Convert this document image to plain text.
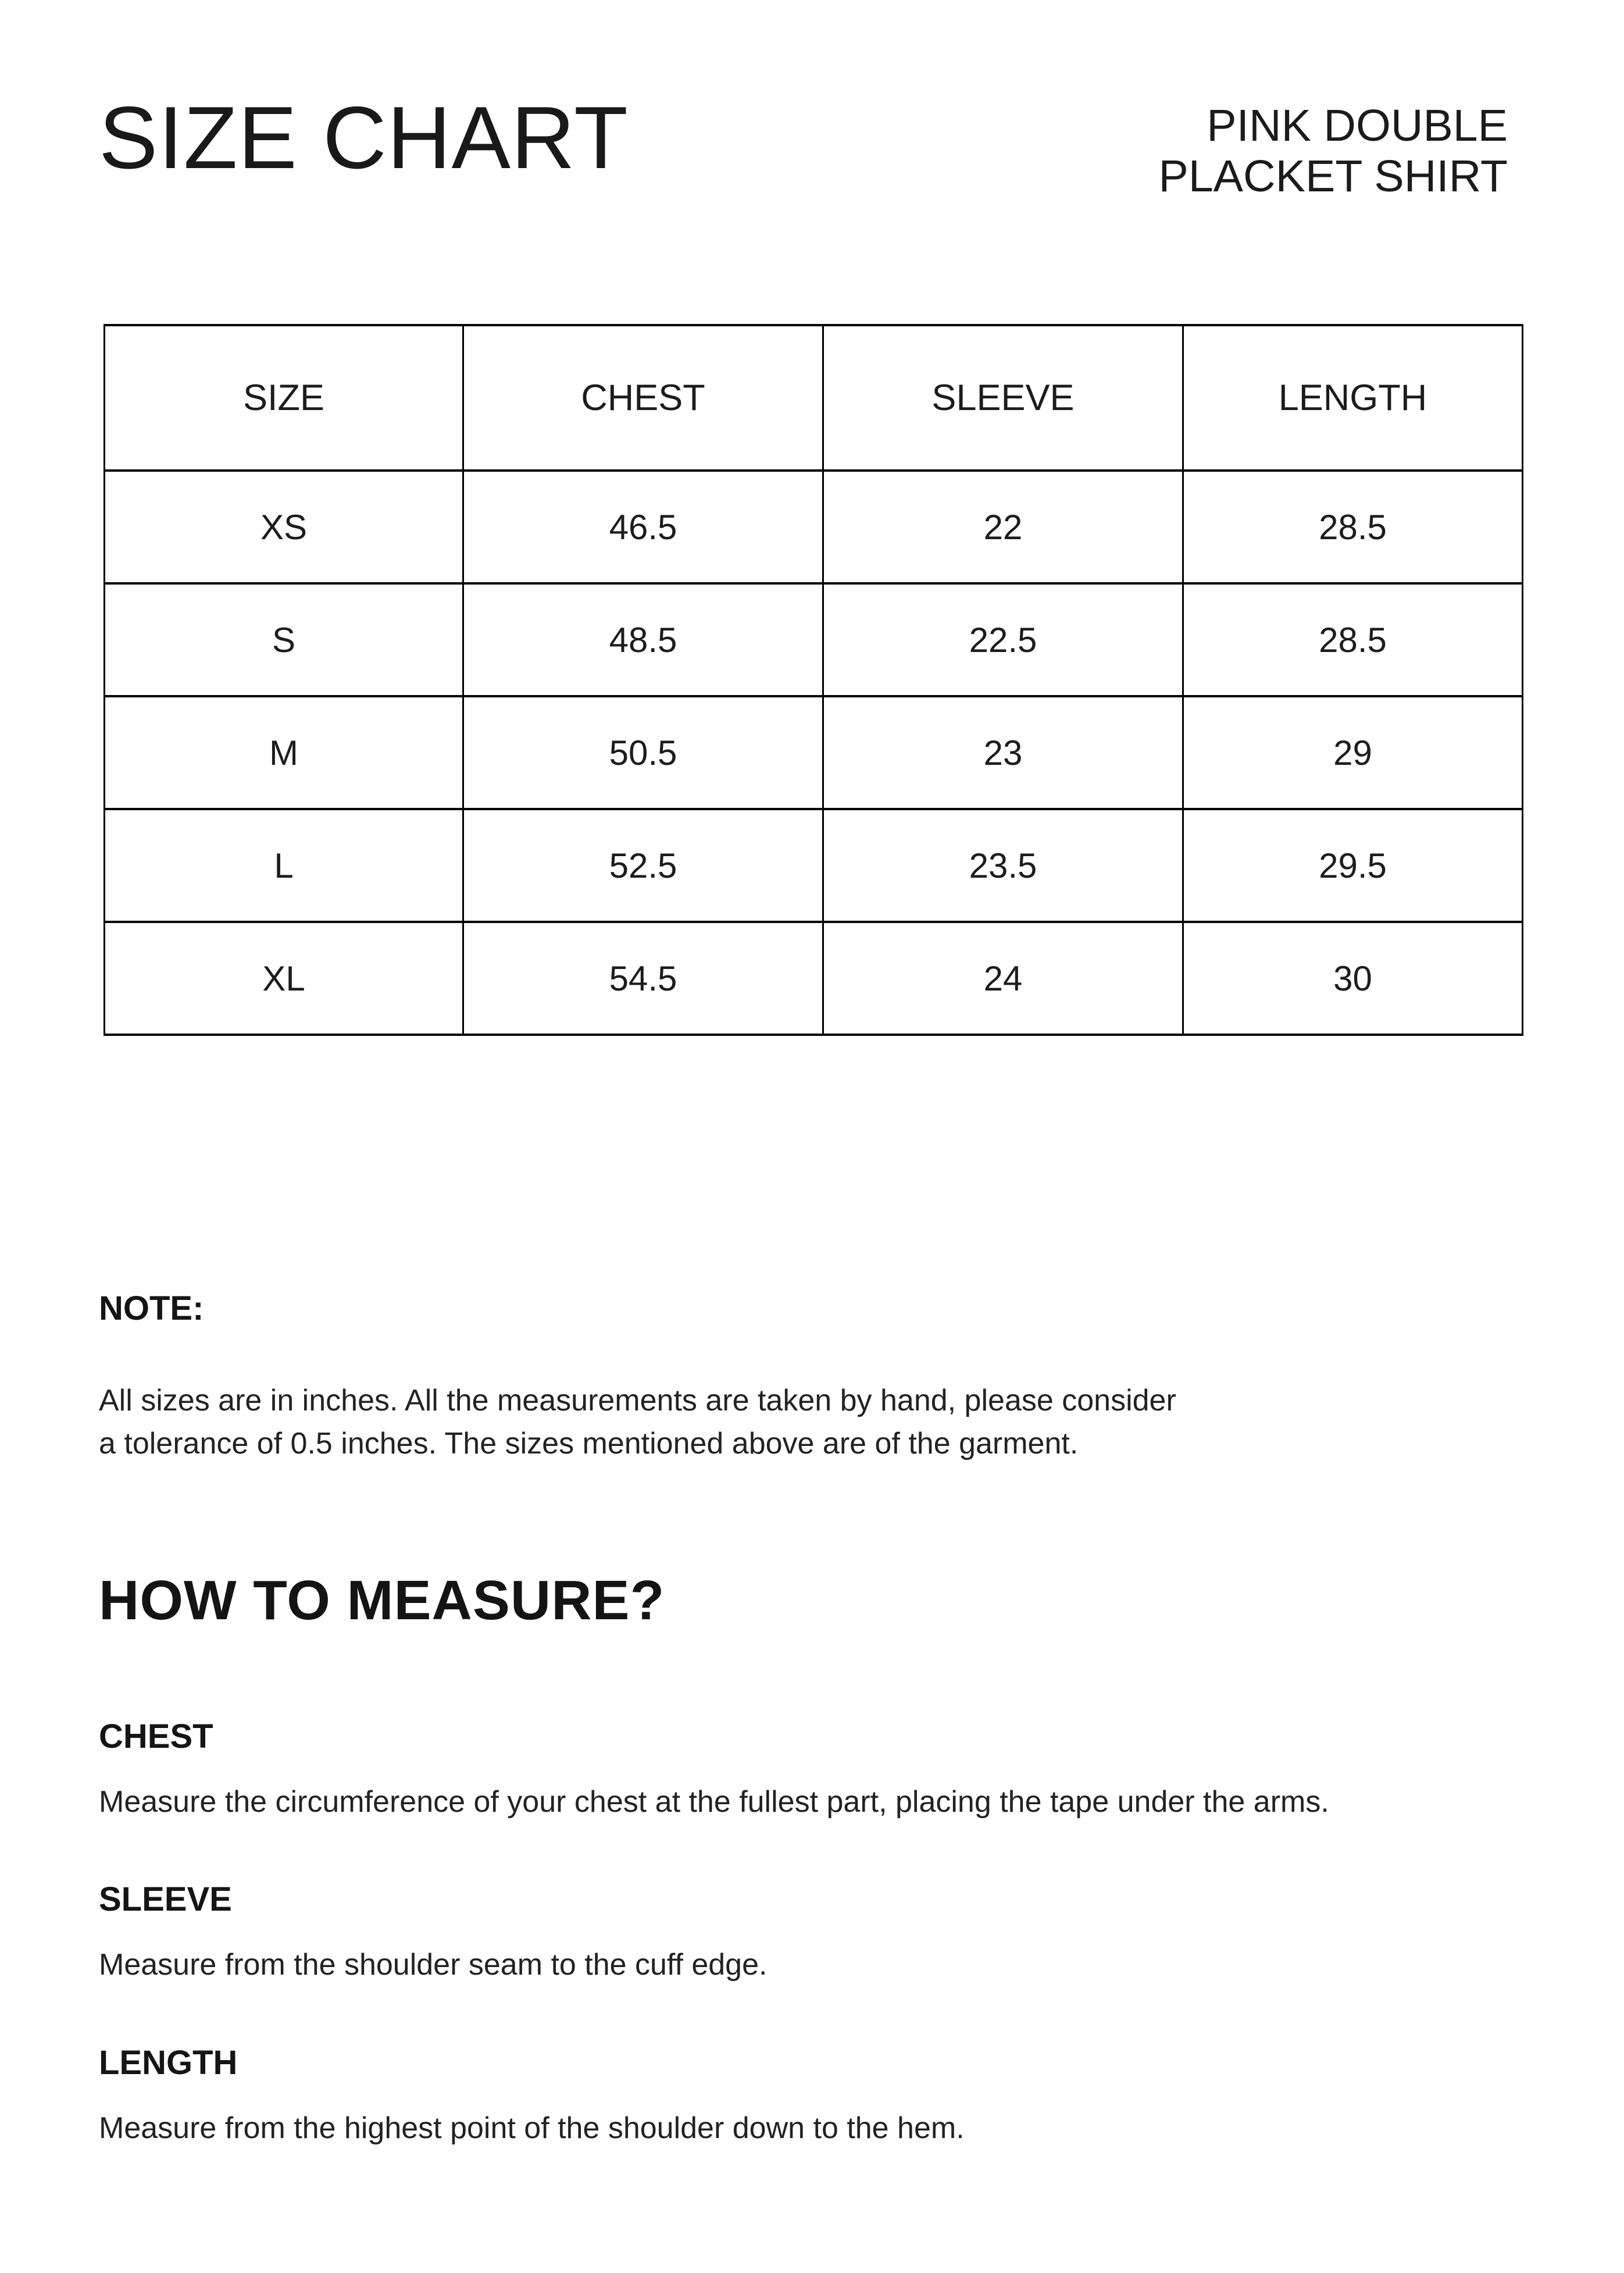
SIZE CHART	PINK DOUBLE
PLACKET SHIRT
SIZE	CHEST	SLEEVE	LENGTH
XS	46.5	22	28.5
S	48.5	22.5	28.5
M	50.5	23	29
L	52.5	23.5	29.5
XL	54.5	24	30
NOTE:

All sizes are in inches. All the measurements are taken by hand, please consider
a tolerance of 0.5 inches. The sizes mentioned above are of the garment.

HOW TO MEASURE?
CHEST

Measure the circumference of your chest at the fullest part, placing the tape under the arms.

SLEEVE

Measure from the shoulder seam to the cuff edge.

LENGTH

Measure from the highest point of the shoulder down to the hem.
